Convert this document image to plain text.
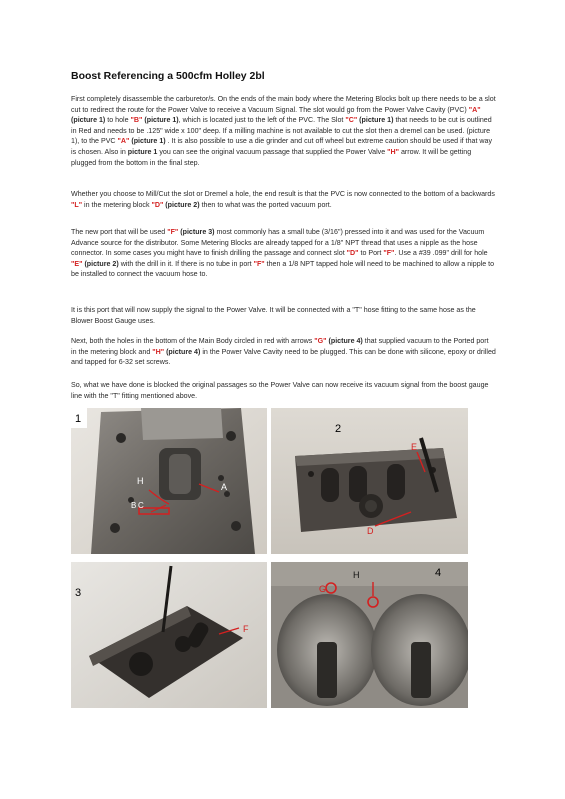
Boost Referencing a 500cfm Holley 2bl

First completely disassemble the carburetor/s. On the ends of the main body where the Metering Blocks bolt up there needs to be a slot cut to redirect the route for the Power Valve to receive a Vacuum Signal. The slot would go from the Power Valve Cavity (PVC) "A" (picture 1) to hole "B" (picture 1), which is located just to the left of the PVC. The Slot "C" (picture 1) that needs to be cut is outlined in Red and needs to be .125" wide x 100" deep. If a milling machine is not available to cut the slot then a dremel can be used. (picture 1), to the PVC "A" (picture 1) . It is also possible to use a die grinder and cut off wheel but extreme caution should be used if that way is chosen. Also in picture 1 you can see the original vacuum passage that supplied the Power Valve "H" arrow. It will be getting plugged from the bottom in the final step.

Whether you choose to Mill/Cut the slot or Dremel a hole, the end result is that the PVC is now connected to the bottom of a backwards "L" in the metering block "D" (picture 2) then to what was the ported vacuum port.

The new port that will be used "F" (picture 3) most commonly has a small tube (3/16") pressed into it and was used for the Vacuum Advance source for the distributor. Some Metering Blocks are already tapped for a 1/8" NPT thread that uses a nipple as the hose connector. In some cases you might have to finish drilling the passage and connect slot "D" to Port "F". Use a #39 .099" drill for hole "E" (picture 2) with the drill in it. If there is no tube in port "F" then a 1/8 NPT tapped hole will need to be machined to allow a nipple to be installed to connect the vacuum hose to.

It is this port that will now supply the signal to the Power Valve. It will be connected with a "T" hose fitting to the same hose as the Blower Boost Gauge uses.

Next, both the holes in the bottom of the Main Body circled in red with arrows "G" (picture 4) that supplied vacuum to the Ported port in the metering block and "H" (picture 4) in the Power Valve Cavity need to be plugged. This can be done with silicone, epoxy or drilled and tapped for 6-32 set screws.

So, what we have done is blocked the original passages so the Power Valve can now receive its vacuum signal from the boost gauge line with the "T" fitting mentioned above.

1
H
A
B C
2
E
D
3
F
4
H
G
